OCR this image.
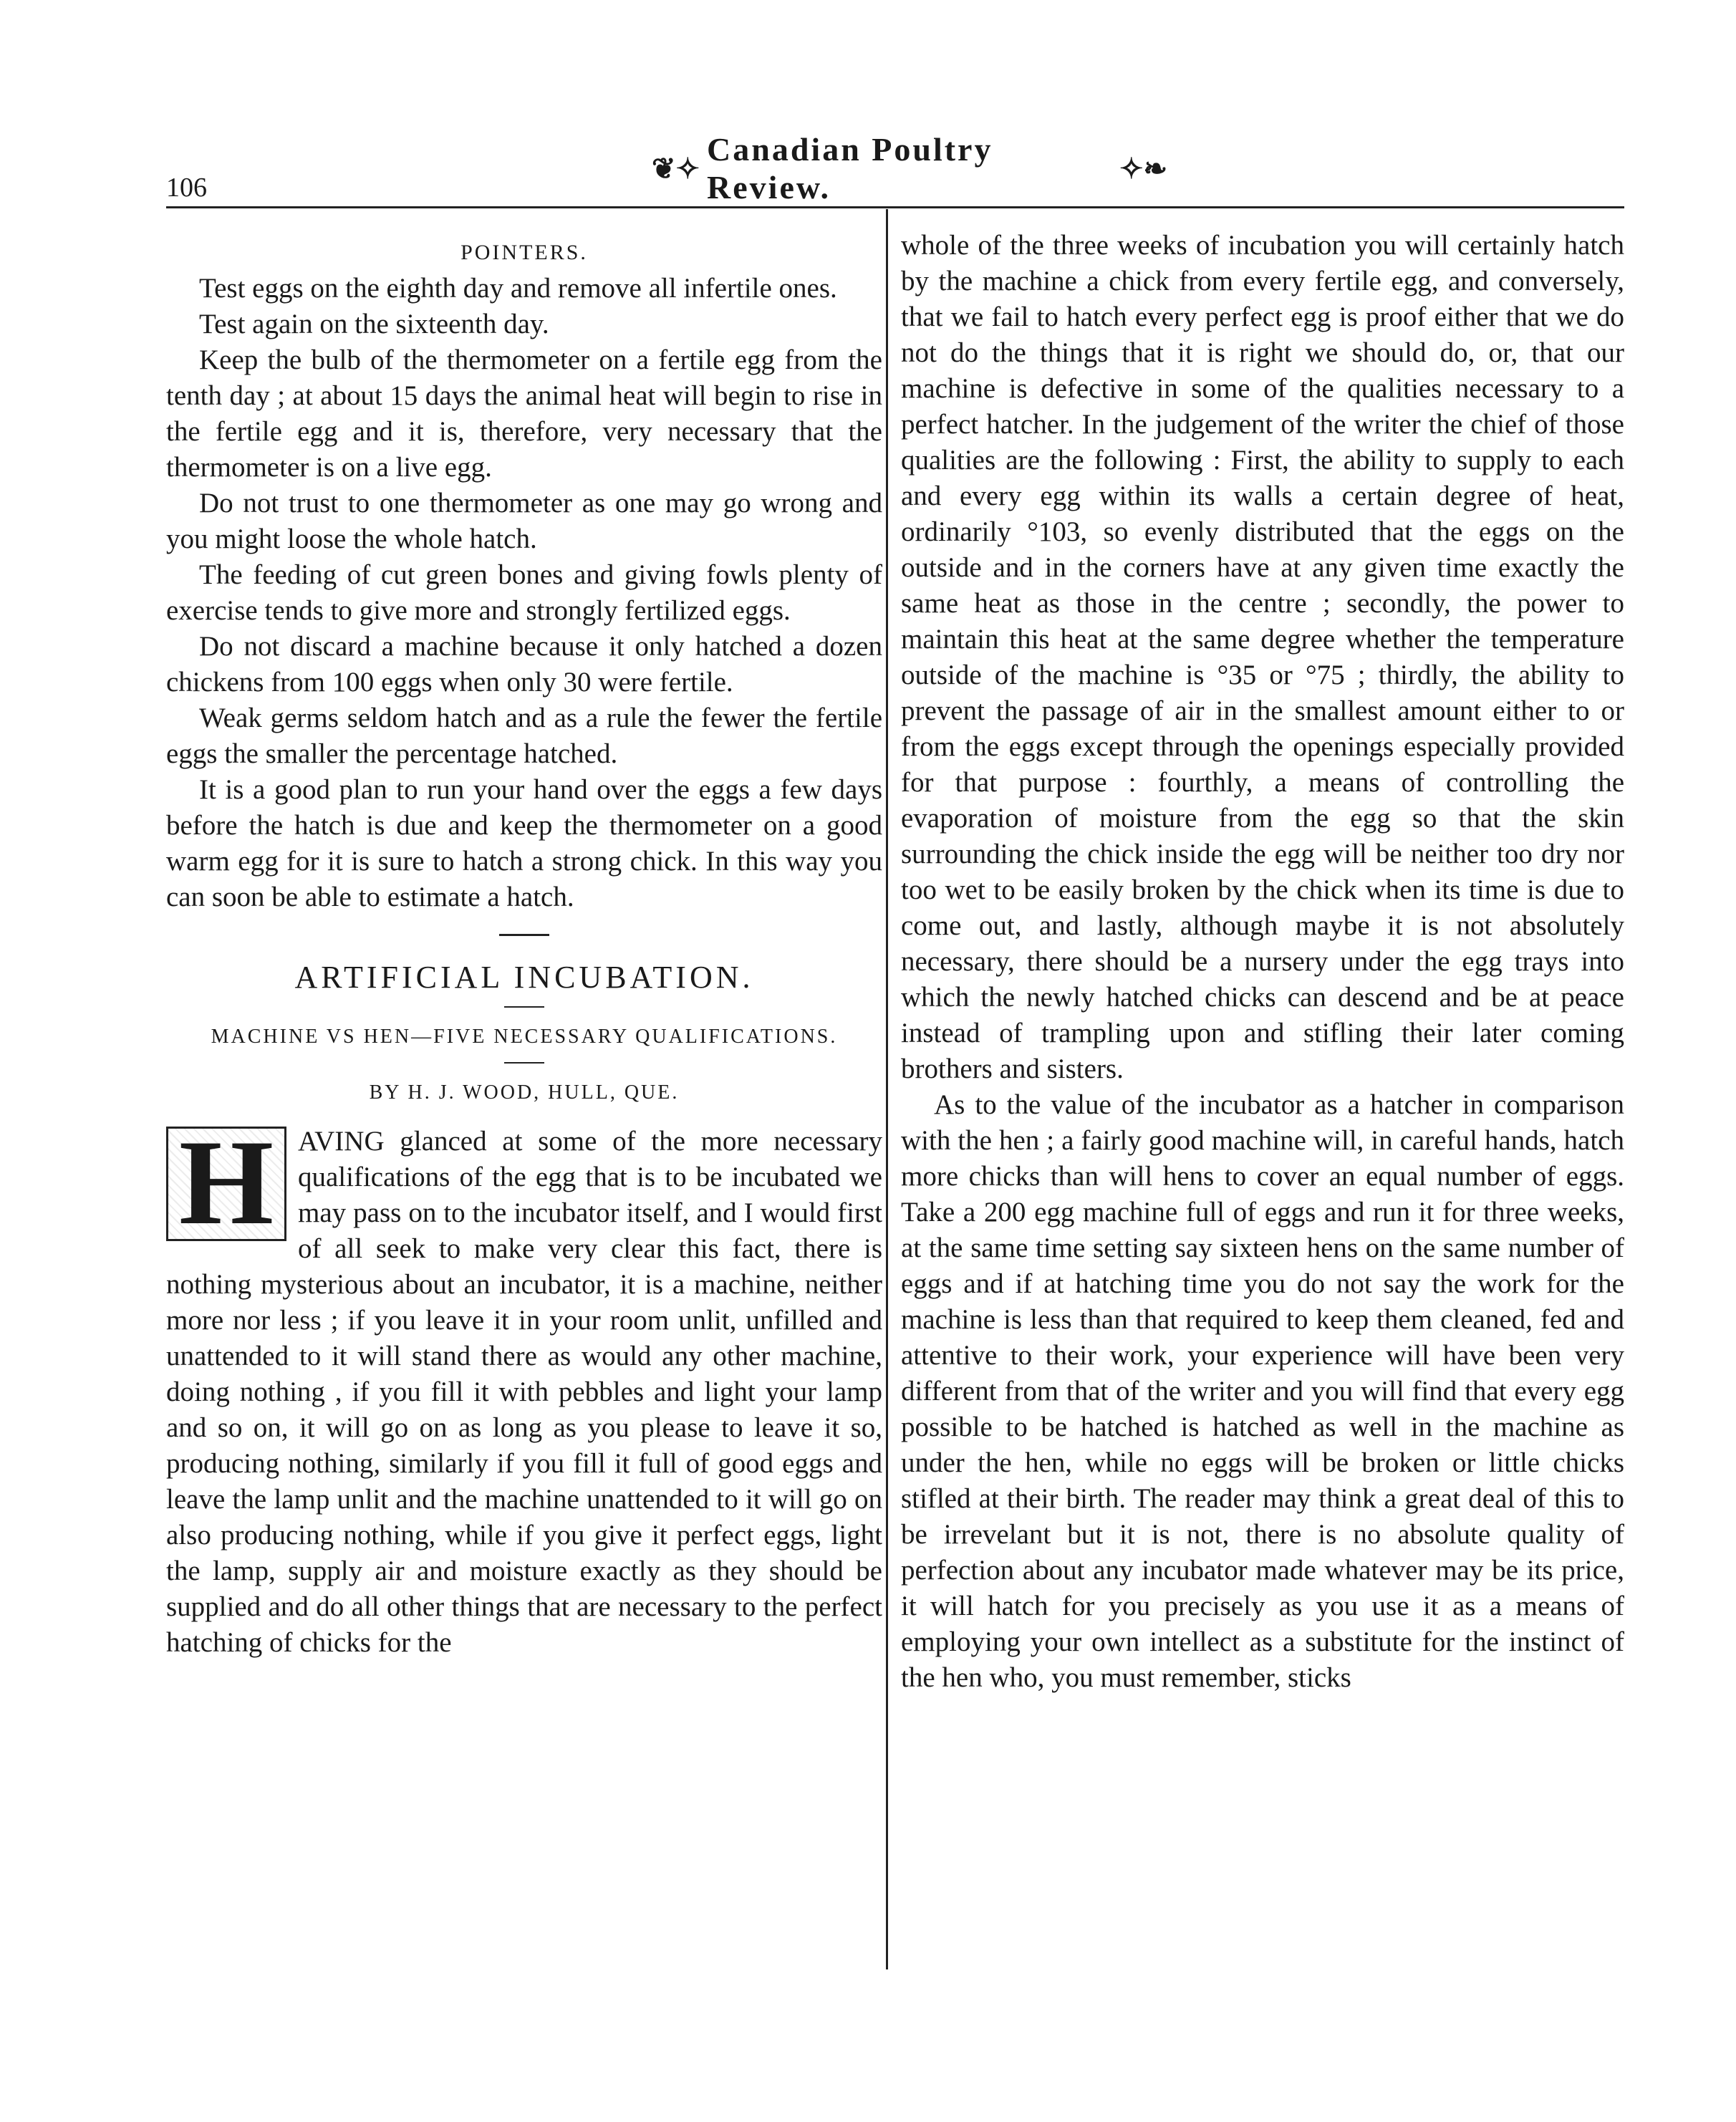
106
❦✧
Canadian Poultry Review.
✧❧
POINTERS.

Test eggs on the eighth day and remove all infertile ones.

Test again on the sixteenth day.

Keep the bulb of the thermometer on a fertile egg from the tenth day ; at about 15 days the animal heat will begin to rise in the fertile egg and it is, therefore, very necessary that the thermometer is on a live egg.

Do not trust to one thermometer as one may go wrong and you might loose the whole hatch.

The feeding of cut green bones and giving fowls plenty of exercise tends to give more and strongly fertilized eggs.

Do not discard a machine because it only hatched a dozen chickens from 100 eggs when only 30 were fertile.

Weak germs seldom hatch and as a rule the fewer the fertile eggs the smaller the percentage hatched.

It is a good plan to run your hand over the eggs a few days before the hatch is due and keep the thermometer on a good warm egg for it is sure to hatch a strong chick. In this way you can soon be able to estimate a hatch.

ARTIFICIAL INCUBATION.
MACHINE VS HEN—FIVE NECESSARY QUALIFICATIONS.
BY H. J. WOOD, HULL, QUE.
H AVING glanced at some of the more necessary qualifications of the egg that is to be incubated we may pass on to the incubator itself, and I would first of all seek to make very clear this fact, there is nothing mysterious about an incubator, it is a machine, neither more nor less ; if you leave it in your room unlit, unfilled and unattended to it will stand there as would any other machine, doing nothing , if you fill it with pebbles and light your lamp and so on, it will go on as long as you please to leave it so, producing nothing, similarly if you fill it full of good eggs and leave the lamp unlit and the machine unattended to it will go on also producing nothing, while if you give it perfect eggs, light the lamp, supply air and moisture exactly as they should be supplied and do all other things that are necessary to the perfect hatching of chicks for the

whole of the three weeks of incubation you will certainly hatch by the machine a chick from every fertile egg, and conversely, that we fail to hatch every perfect egg is proof either that we do not do the things that it is right we should do, or, that our machine is defective in some of the qualities necessary to a perfect hatcher. In the judgement of the writer the chief of those qualities are the following : First, the ability to supply to each and every egg within its walls a certain degree of heat, ordinarily °103, so evenly distributed that the eggs on the outside and in the corners have at any given time exactly the same heat as those in the centre ; secondly, the power to maintain this heat at the same degree whether the temperature outside of the machine is °35 or °75 ; thirdly, the ability to prevent the passage of air in the smallest amount either to or from the eggs except through the openings especially provided for that purpose : fourthly, a means of controlling the evaporation of moisture from the egg so that the skin surrounding the chick inside the egg will be neither too dry nor too wet to be easily broken by the chick when its time is due to come out, and lastly, although maybe it is not absolutely necessary, there should be a nursery under the egg trays into which the newly hatched chicks can descend and be at peace instead of trampling upon and stifling their later coming brothers and sisters.

As to the value of the incubator as a hatcher in comparison with the hen ; a fairly good machine will, in careful hands, hatch more chicks than will hens to cover an equal number of eggs. Take a 200 egg machine full of eggs and run it for three weeks, at the same time setting say sixteen hens on the same number of eggs and if at hatching time you do not say the work for the machine is less than that required to keep them cleaned, fed and attentive to their work, your experience will have been very different from that of the writer and you will find that every egg possible to be hatched is hatched as well in the machine as under the hen, while no eggs will be broken or little chicks stifled at their birth. The reader may think a great deal of this to be irrevelant but it is not, there is no absolute quality of perfection about any incubator made whatever may be its price, it will hatch for you precisely as you use it as a means of employing your own intellect as a substitute for the instinct of the hen who, you must remember, sticks
